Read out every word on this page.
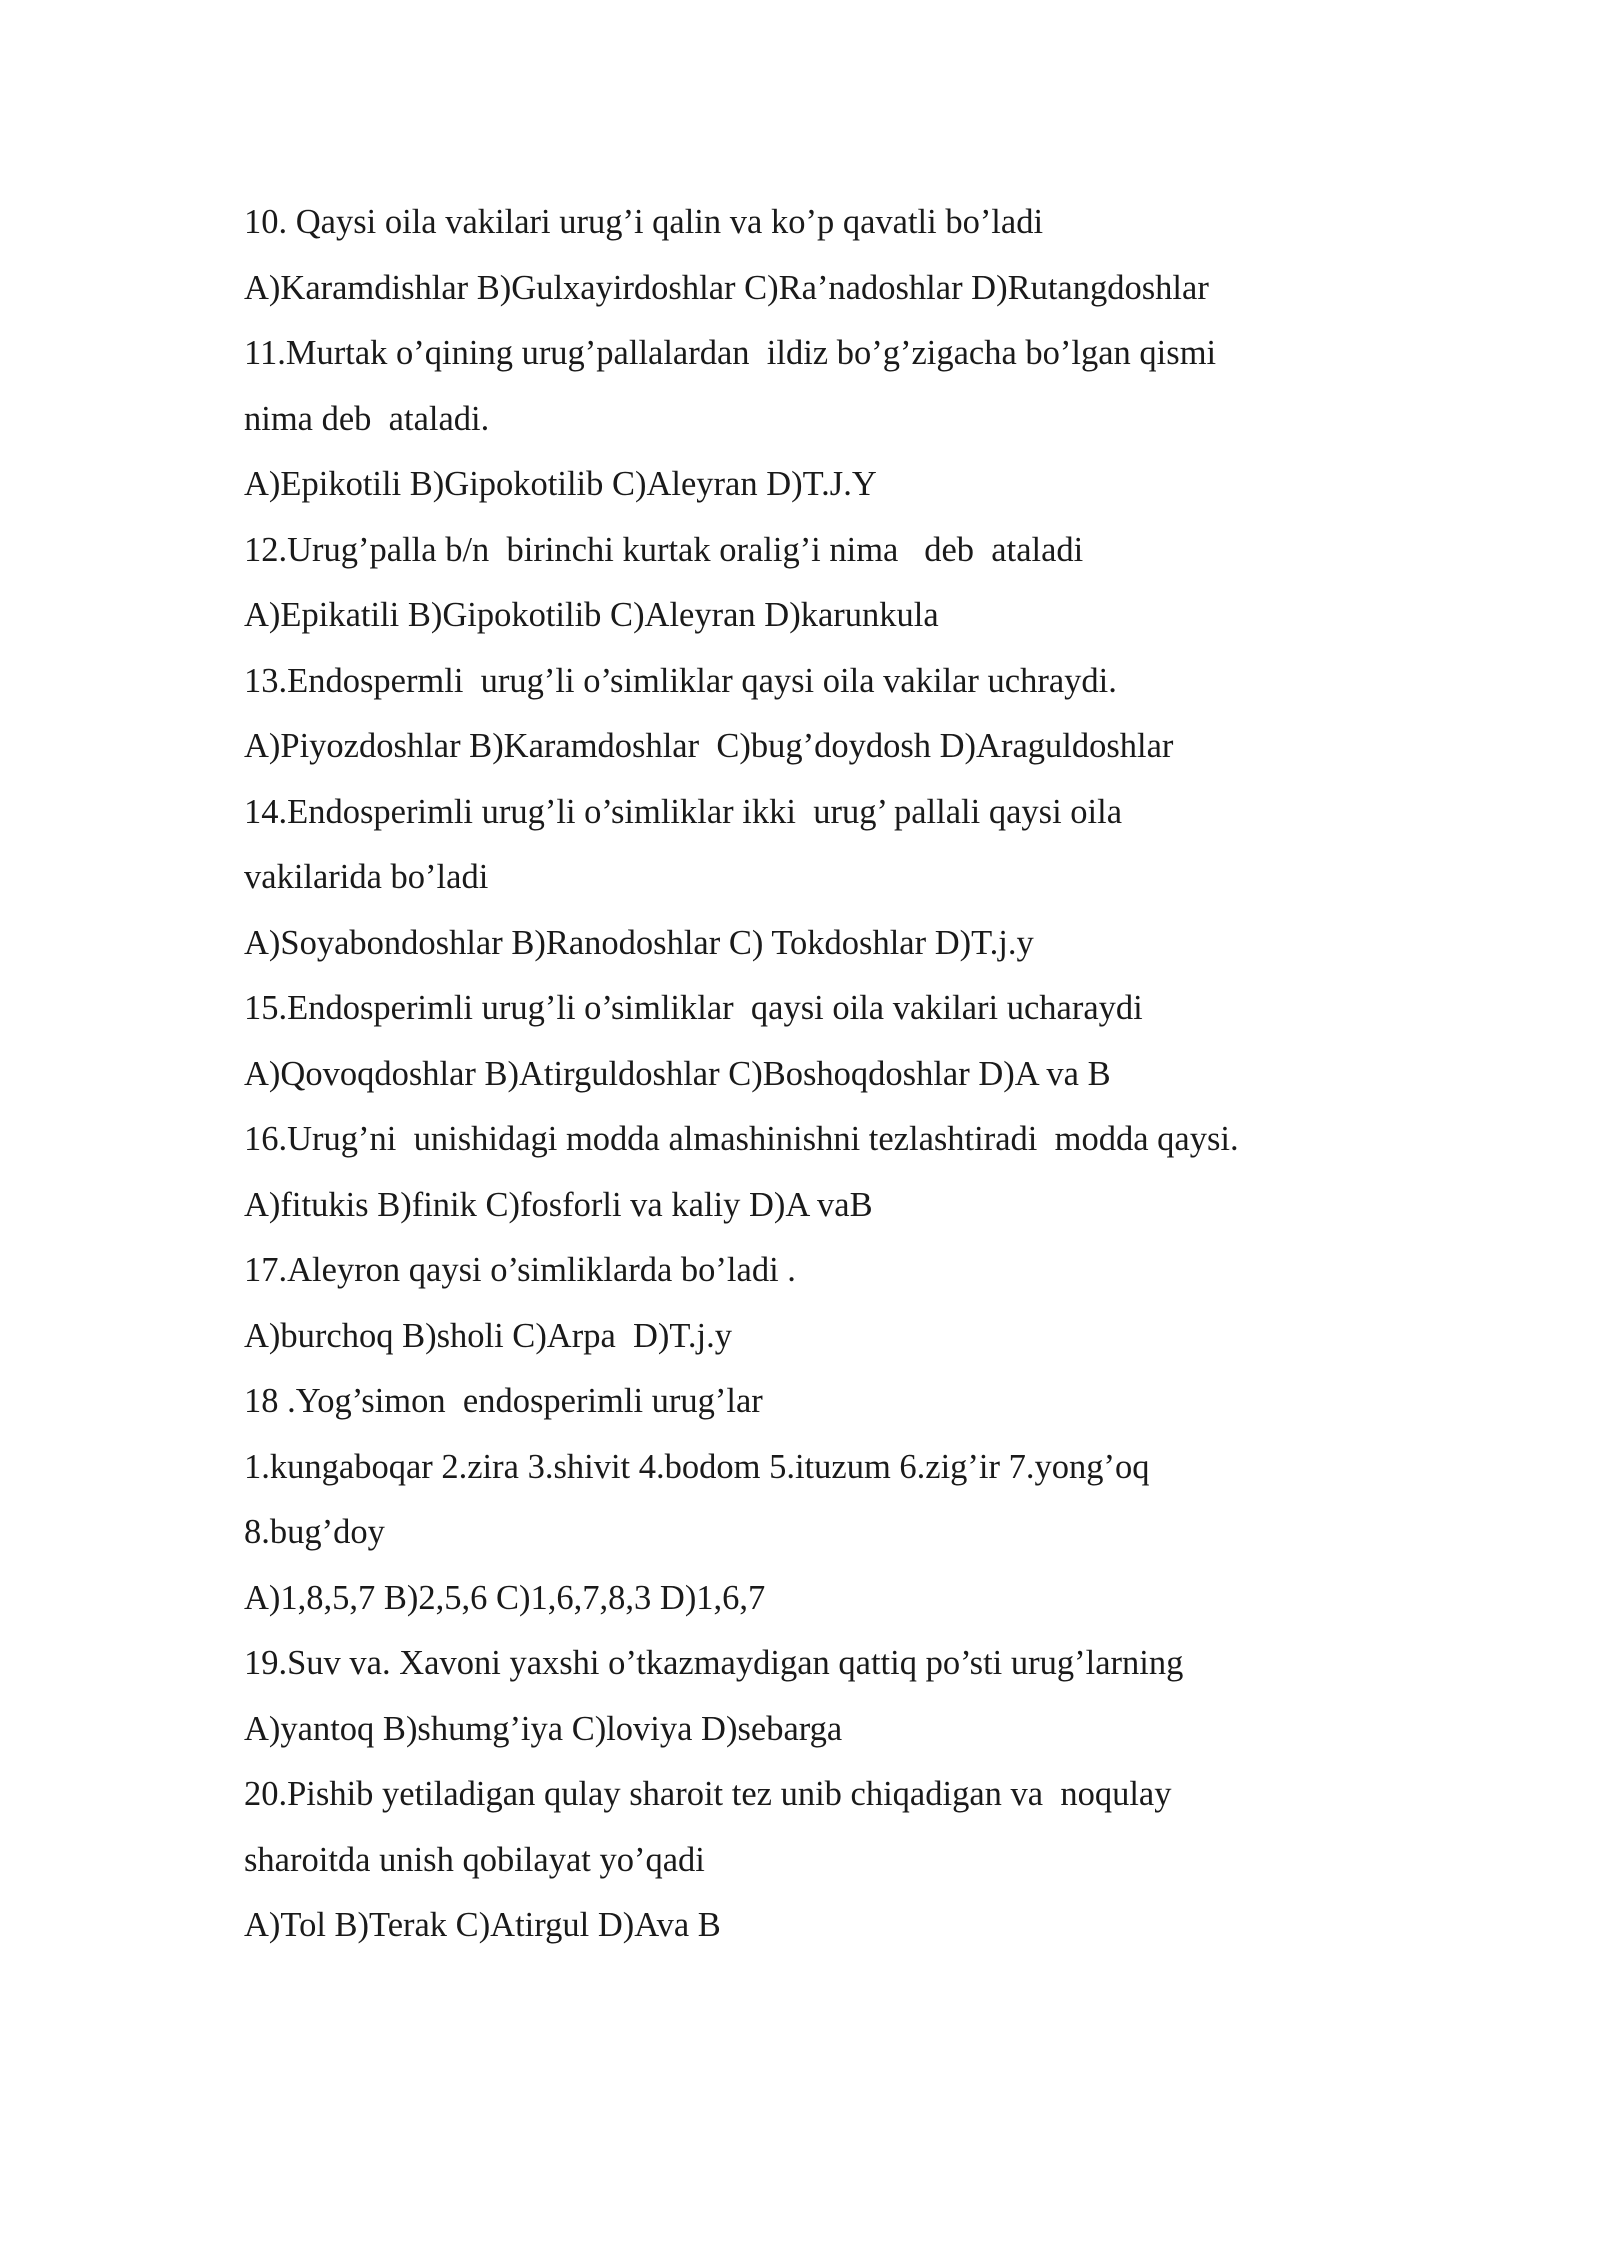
10. Qaysi oila vakilari urug’i qalin va ko’p qavatli bo’ladi
A)Karamdishlar B)Gulxayirdoshlar C)Ra’nadoshlar D)Rutangdoshlar
11.Murtak o’qining urug’pallalardan  ildiz bo’g’zigacha bo’lgan qismi
nima deb  ataladi.
A)Epikotili B)Gipokotilib C)Aleyran D)T.J.Y
12.Urug’palla b/n  birinchi kurtak oralig’i nima   deb  ataladi
A)Epikatili B)Gipokotilib C)Aleyran D)karunkula
13.Endospermli  urug’li o’simliklar qaysi oila vakilar uchraydi.
A)Piyozdoshlar B)Karamdoshlar  C)bug’doydosh D)Araguldoshlar
14.Endosperimli urug’li o’simliklar ikki  urug’ pallali qaysi oila
vakilarida bo’ladi
A)Soyabondoshlar B)Ranodoshlar C) Tokdoshlar D)T.j.y
15.Endosperimli urug’li o’simliklar  qaysi oila vakilari ucharaydi
A)Qovoqdoshlar B)Atirguldoshlar C)Boshoqdoshlar D)A va B
16.Urug’ni  unishidagi modda almashinishni tezlashtiradi  modda qaysi.
A)fitukis B)finik C)fosforli va kaliy D)A vaB
17.Aleyron qaysi o’simliklarda bo’ladi .
A)burchoq B)sholi C)Arpa  D)T.j.y
18 .Yog’simon  endosperimli urug’lar
1.kungaboqar 2.zira 3.shivit 4.bodom 5.ituzum 6.zig’ir 7.yong’oq
8.bug’doy
A)1,8,5,7 B)2,5,6 C)1,6,7,8,3 D)1,6,7
19.Suv va. Xavoni yaxshi o’tkazmaydigan qattiq po’sti urug’larning
A)yantoq B)shumg’iya C)loviya D)sebarga
20.Pishib yetiladigan qulay sharoit tez unib chiqadigan va  noqulay
sharoitda unish qobilayat yo’qadi
A)Tol B)Terak C)Atirgul D)Ava B
